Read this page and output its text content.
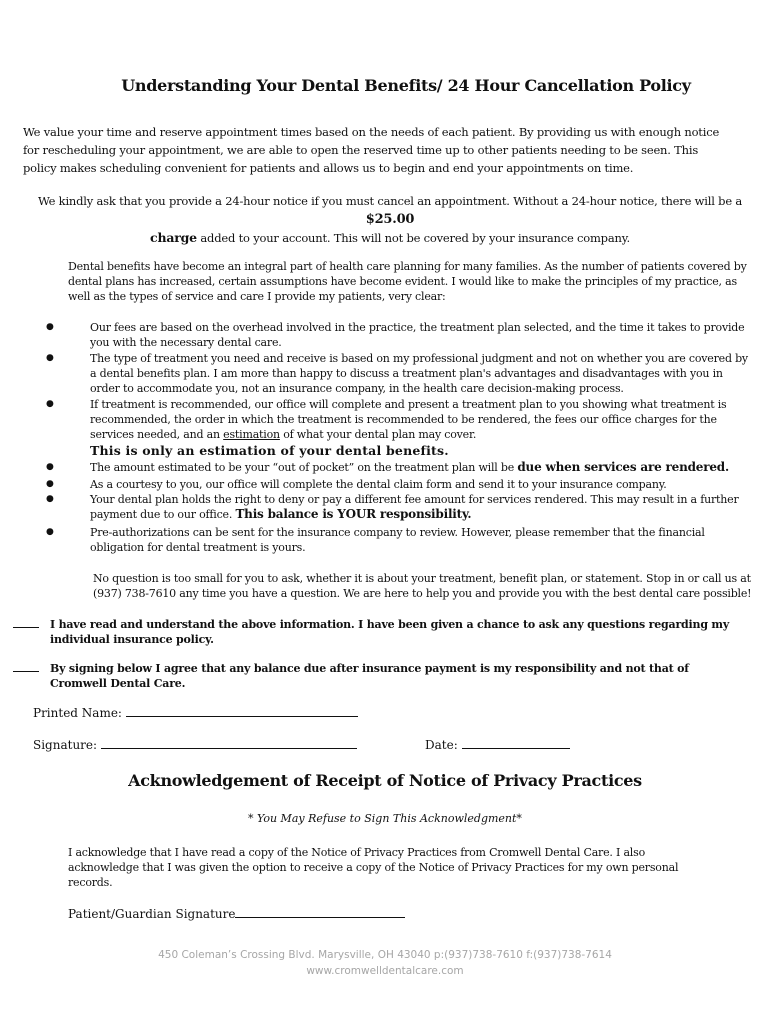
Understanding Your Dental Benefits/ 24 Hour Cancellation Policy
We value your time and reserve appointment times based on the needs of each patient. By providing us with enough notice for rescheduling your appointment, we are able to open the reserved time up to other patients needing to be seen. This policy makes scheduling convenient for patients and allows us to begin and end your appointments on time.
We kindly ask that you provide a 24-hour notice if you must cancel an appointment. Without a 24-hour notice, there will be a $25.00
charge added to your account. This will not be covered by your insurance company.
Dental benefits have become an integral part of health care planning for many families. As the number of patients covered by dental plans has increased, certain assumptions have become evident. I would like to make the principles of my practice, as well as the types of service and care I provide my patients, very clear:
●	Our fees are based on the overhead involved in the practice, the treatment plan selected, and the time it takes to provide you with the necessary dental care.
●	The type of treatment you need and receive is based on my professional judgment and not on whether you are covered by a dental benefits plan. I am more than happy to discuss a treatment plan's advantages and disadvantages with you in order to accommodate you, not an insurance company, in the health care decision-making process.
●	If treatment is recommended, our office will complete and present a treatment plan to you showing what treatment is recommended, the order in which the treatment is recommended to be rendered, the fees our office charges for the services needed, and an estimation of what your dental plan may cover.
This is only an estimation of your dental benefits.
●	The amount estimated to be your “out of pocket” on the treatment plan will be due when services are rendered.
●	As a courtesy to you, our office will complete the dental claim form and send it to your insurance company.
●	Your dental plan holds the right to deny or pay a different fee amount for services rendered. This may result in a further payment due to our office. This balance is YOUR responsibility.
●	Pre-authorizations can be sent for the insurance company to review. However, please remember that the financial obligation for dental treatment is yours.
No question is too small for you to ask, whether it is about your treatment, benefit plan, or statement. Stop in or call us at (937) 738-7610 any time you have a question. We are here to help you and provide you with the best dental care possible!
I have read and understand the above information. I have been given a chance to ask any questions regarding my individual insurance policy.
By signing below I agree that any balance due after insurance payment is my responsibility and not that of Cromwell Dental Care.
Printed Name:
Signature:	Date:
Acknowledgement of Receipt of Notice of Privacy Practices
* You May Refuse to Sign This Acknowledgment*
I acknowledge that I have read a copy of the Notice of Privacy Practices from Cromwell Dental Care. I also acknowledge that I was given the option to receive a copy of the Notice of Privacy Practices for my own personal records.
Patient/Guardian Signature
450 Coleman’s Crossing Blvd. Marysville, OH 43040 p:(937)738-7610 f:(937)738-7614
www.cromwelldentalcare.com
